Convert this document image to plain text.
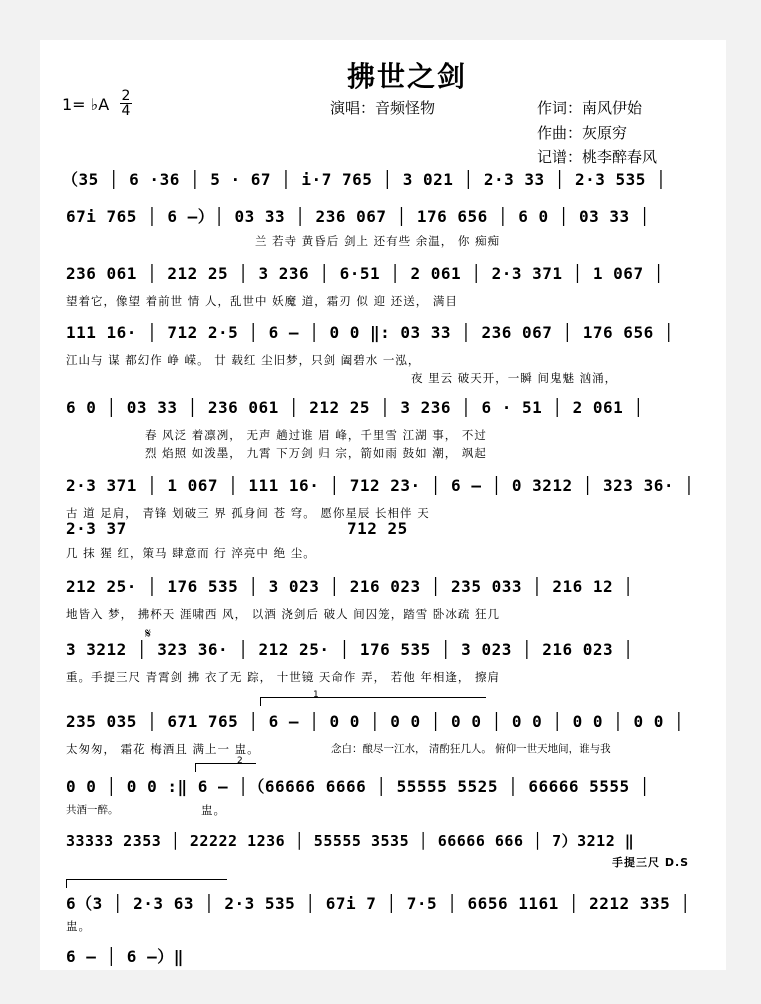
拂世之剑
1= ♭A 2
4	演唱：音频怪物	作词：南风伊始
作曲：灰原穷
记谱：桃李醉春风
（35 │ 6 ·36 │ 5 · 67 │ i·7 765 │ 3 021 │ 2·3 33 │ 2·3 535 │
67i 765 │ 6 –）│ 03 33 │ 236 067 │ 176 656 │ 6 0 │ 03 33 │
兰 若寺 黄昏后 剑上 还有些 余温， 你 痴痴
236 061 │ 212 25 │ 3 236 │ 6·51 │ 2 061 │ 2·3 371 │ 1 067 │
望着它，像望 着前世 情 人，乱世中 妖魔 道，霜刃 似 迎 还送， 满目
111 16· │ 712 2·5 │ 6 – │ 0 0 ‖: 03 33 │ 236 067 │ 176 656 │
江山与 谋 都幻作 峥 嵘。 廿 载红 尘旧梦，只剑 阖碧水 一泓，
夜 里云 破天开，一瞬 间鬼魅 汹涌，
6 0 │ 03 33 │ 236 061 │ 212 25 │ 3 236 │ 6 · 51 │ 2 061 │
春 风泛 着凛冽， 无声 趟过谁 眉 峰，千里雪 江湖 事， 不过
烈 焰照 如泼墨， 九霄 下万剑 归 宗，箭如雨 鼓如 潮， 飒起
2·3 371 │ 1 067 │ 111 16· │ 712 23· │ 6 – │ 0 3212 │ 323 36· │
古 道 足肩， 青锋 划破三 界 孤身间 苍 穹。 愿你星辰 长相伴 天
2·3 37	712 25
几 抹 猩 红，策马 肆意而 行 淬亮中 绝 尘。
212 25· │ 176 535 │ 3 023 │ 216 023 │ 235 033 │ 216 12 │
地皆入 梦， 拂杯天 涯啸西 风， 以酒 浇剑后 破人 间囚笼，踏雪 卧冰疏 狂几
3 3212 │ 323 36· │ 212 25· │ 176 535 │ 3 023 │ 216 023 │
𝄋
重。手提三尺 青霄剑 拂 衣了无 踪， 十世镜 天命作 弄， 若他 年相逢， 擦肩
1
235 035 │ 671 765 │ 6 – │ 0 0 │ 0 0 │ 0 0 │ 0 0 │ 0 0 │ 0 0 │
太匆匆， 霜花 梅酒且 满上一 盅。	念白：酿尽一江水， 清酌狂几人。 俯仰一世天地间，谁与我
2
0 0 │ 0 0 :‖ 6 – │（66666 6666 │ 55555 5525 │ 66666 5555 │
共酒一醉。	盅。
33333 2353 │ 22222 1236 │ 55555 3535 │ 66666 666 │ 7）3212 ‖
手提三尺 D.S
6（3 │ 2·3 63 │ 2·3 535 │ 67i 7 │ 7·5 │ 6656 1161 │ 2212 335 │
盅。
6 – │ 6 –）‖
